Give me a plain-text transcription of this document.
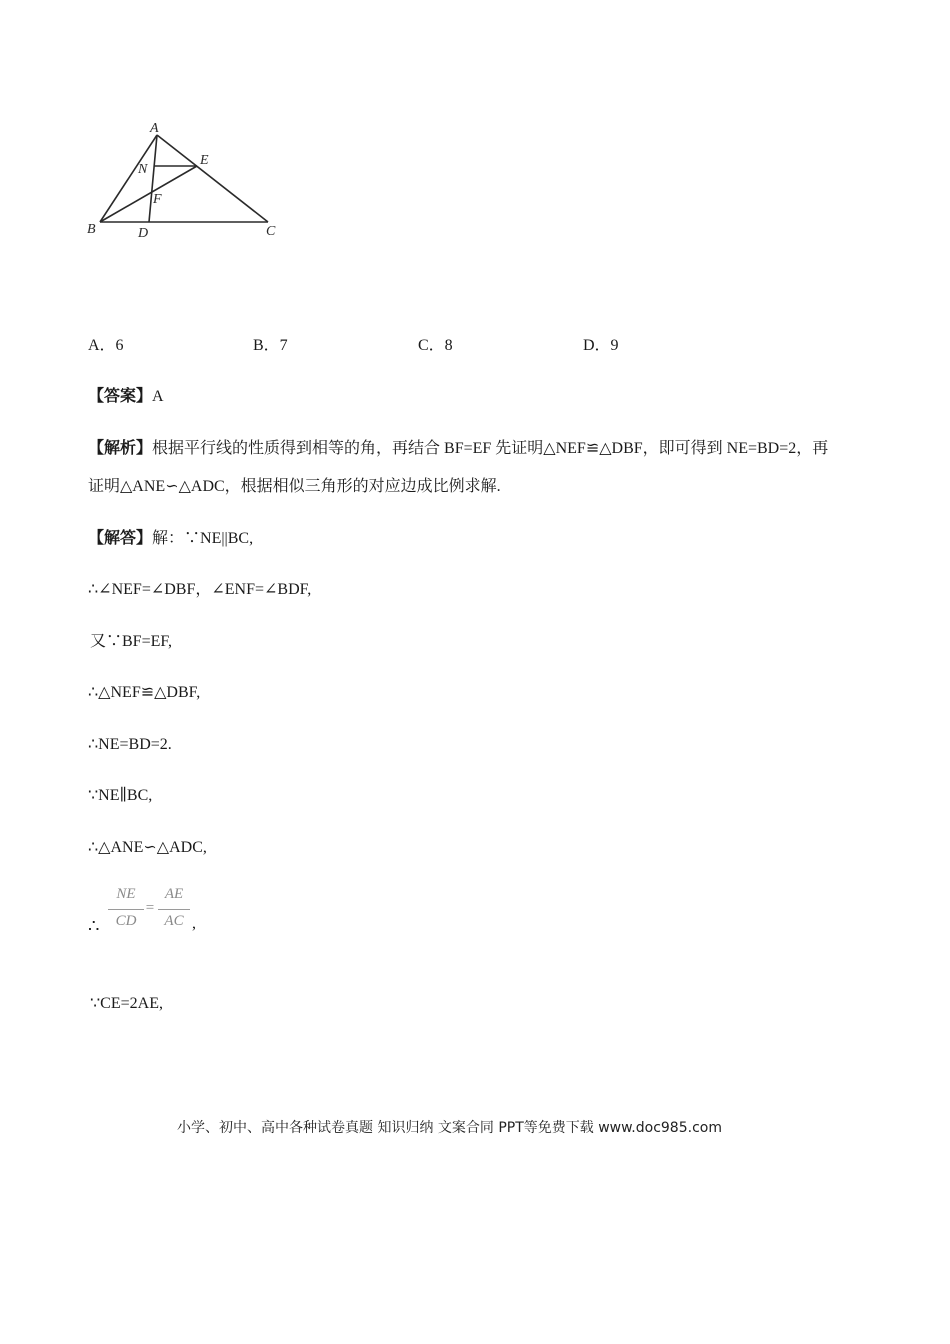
A
N
E
F
B	D	C
A．6	B．7	C．8	D．9
【答案】A
【解析】根据平行线的性质得到相等的角，再结合 BF=EF 先证明△NEF≌△DBF，即可得到 NE=BD=2，再
证明△ANE∽△ADC，根据相似三角形的对应边成比例求解.
【解答】解：∵NE||BC,
∴∠NEF=∠DBF，∠ENF=∠BDF,
又∵BF=EF,
∴△NEF≌△DBF,
∴NE=BD=2.
∵NE∥BC,
∴△ANE∽△ADC,
∴
NE
CD
=
AE
AC ,
∵CE=2AE,
小学、初中、高中各种试卷真题 知识归纳 文案合同 PPT等免费下载 www.doc985.com
